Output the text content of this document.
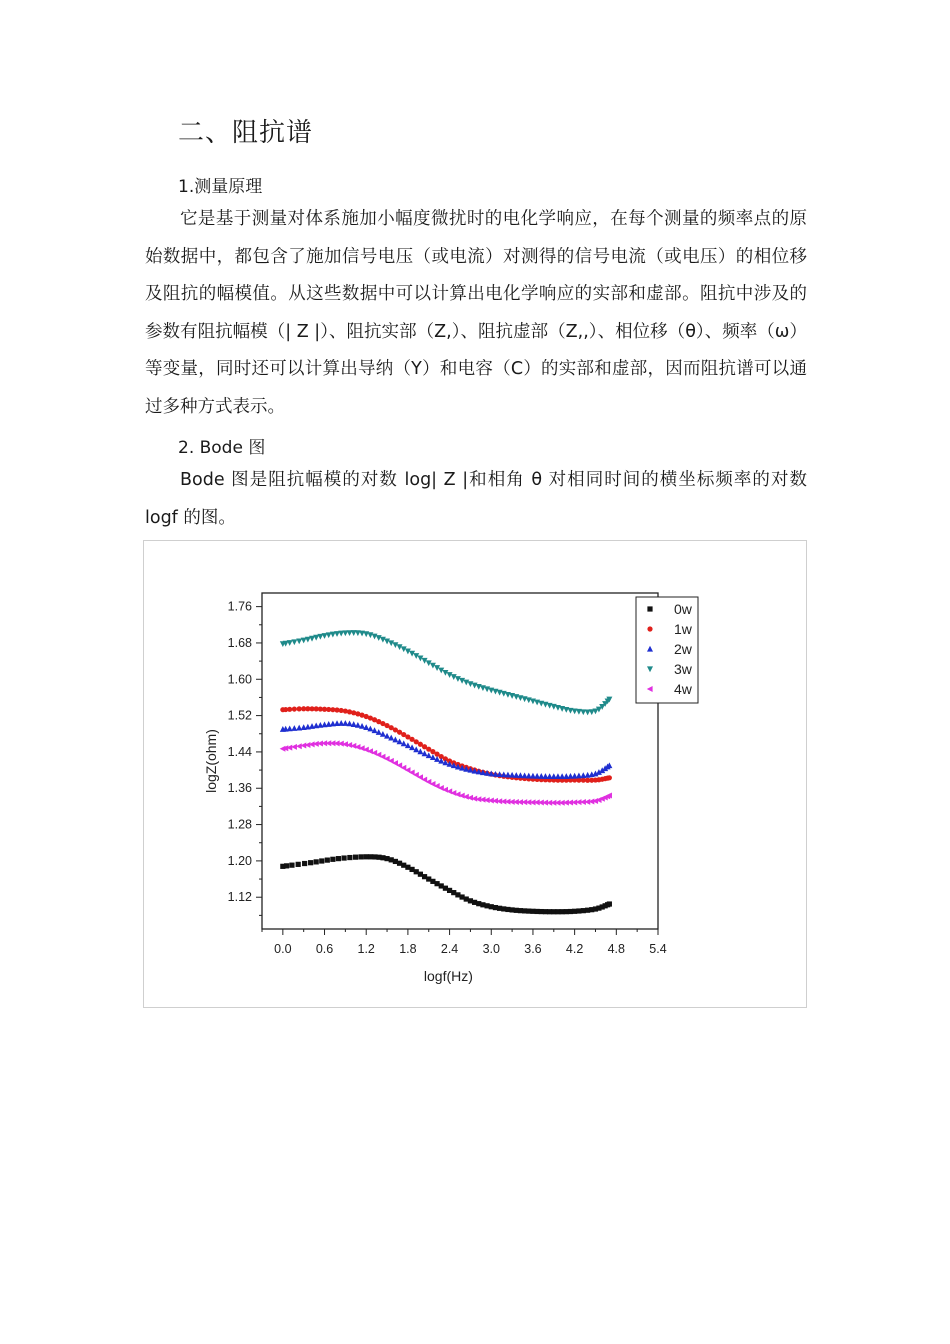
二、阻抗谱
1.测量原理

它是基于测量对体系施加小幅度微扰时的电化学响应，在每个测量的频率点的原始数据中，都包含了施加信号电压（或电流）对测得的信号电流（或电压）的相位移及阻抗的幅模值。从这些数据中可以计算出电化学响应的实部和虚部。阻抗中涉及的参数有阻抗幅模（| Z |）、阻抗实部（Z,）、阻抗虚部（Z,,）、相位移（θ）、频率（ω）等变量，同时还可以计算出导纳（Y）和电容（C）的实部和虚部，因而阻抗谱可以通过多种方式表示。

2. Bode 图

Bode 图是阻抗幅模的对数 log| Z |和相角 θ 对相同时间的横坐标频率的对数 logf 的图。

0.0 0.6 1.2 1.8 2.4 3.0 3.6 4.2 4.8 5.4
1.12
1.20
1.28
1.36
1.44
1.52
1.60
1.68
1.76
logf(Hz)
logZ(ohm)
0w
1w
2w
3w
4w
